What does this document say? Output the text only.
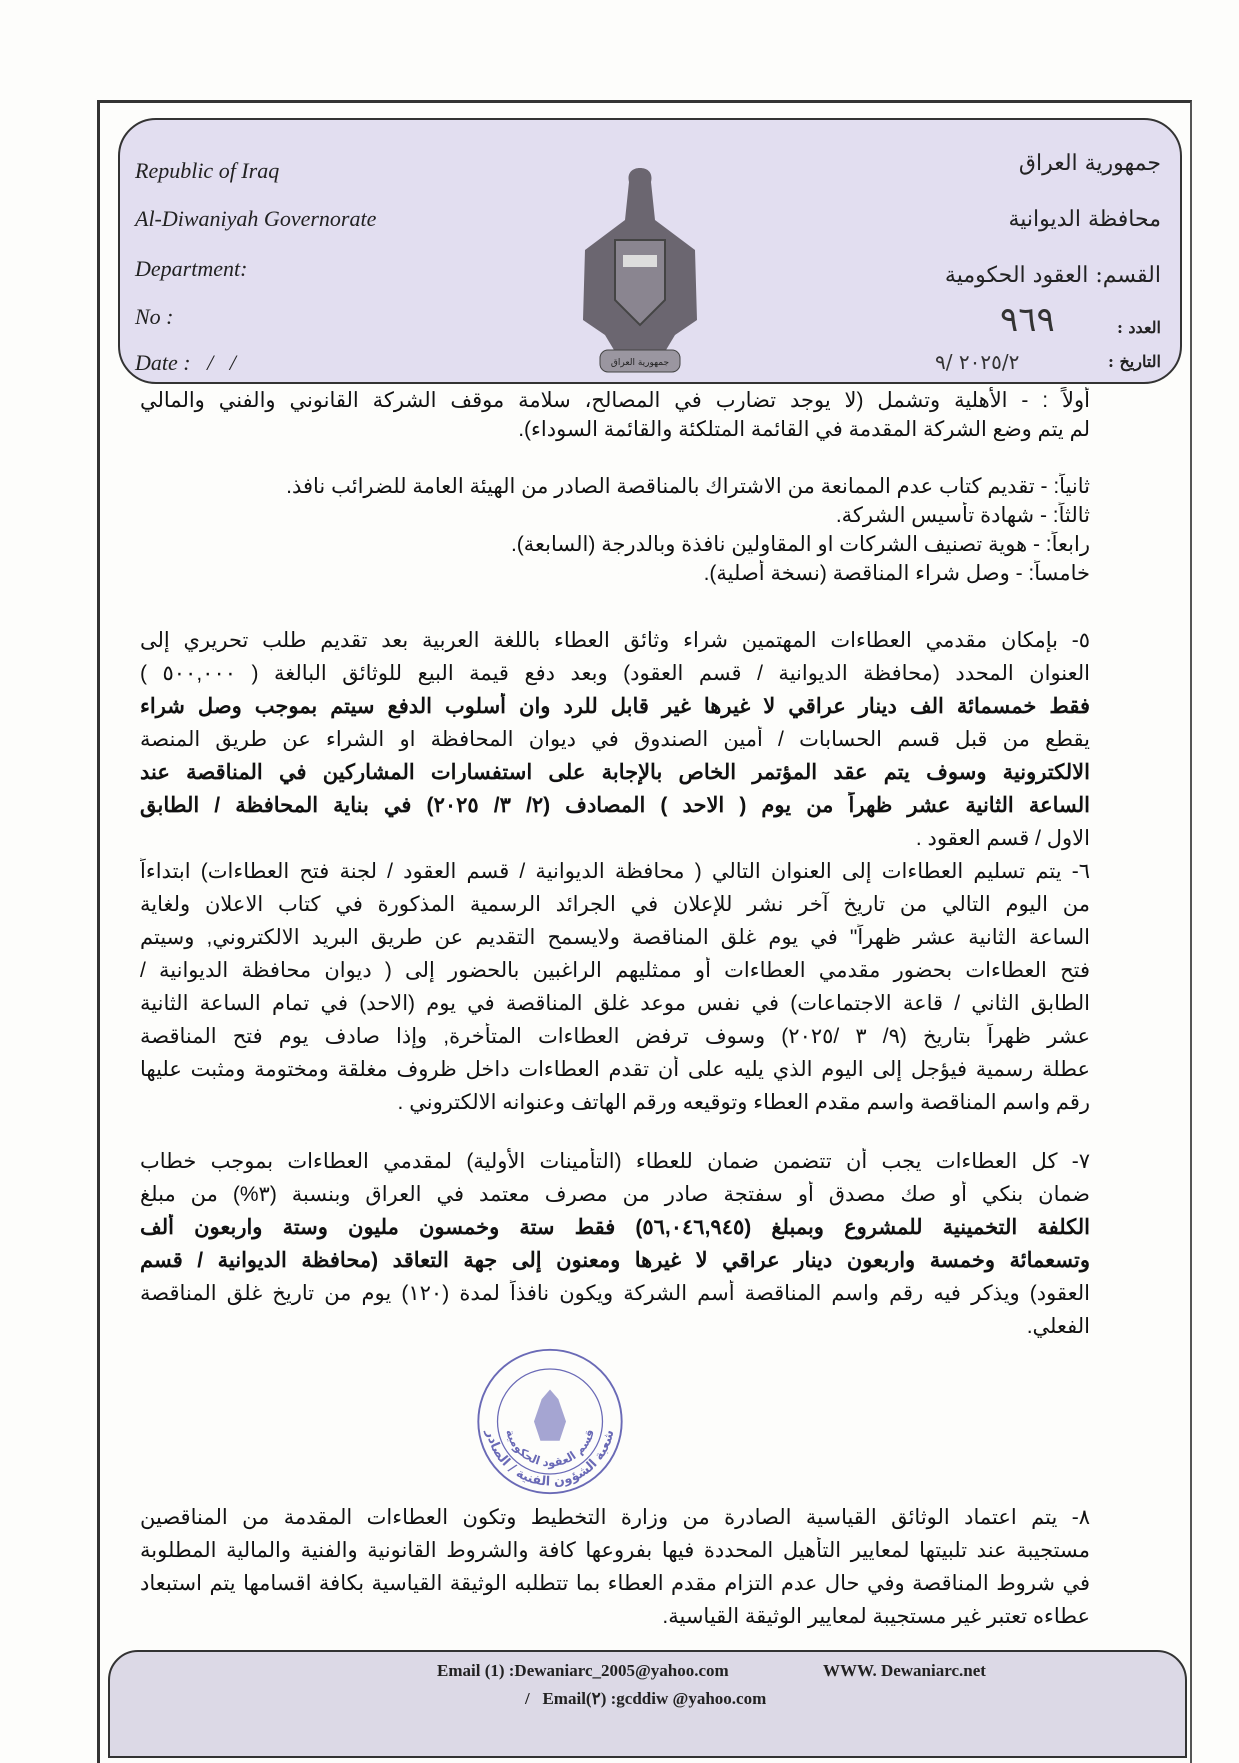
Republic of Iraq
Al-Diwaniyah Governorate
Department:
No :
Date :   /   /
جمهورية العراق
محافظة الديوانية
القسم: العقود الحكومية
العدد :
٩٦٩
التاريخ :
٢٠٢٥/٢ /٩
جمهورية العراق
أولاً : - الأهلية وتشمل (لا يوجد تضارب في المصالح، سلامة موقف الشركة القانوني والفني والمالي
لم يتم وضع الشركة المقدمة في القائمة المتلكئة والقائمة السوداء).
ثانياً: - تقديم كتاب عدم الممانعة من الاشتراك بالمناقصة الصادر من الهيئة العامة للضرائب نافذ.
ثالثاً: - شهادة تأسيس الشركة.
رابعاً: - هوية تصنيف الشركات او المقاولين نافذة وبالدرجة (السابعة).
خامساً: - وصل شراء المناقصة (نسخة أصلية).
٥- بإمكان مقدمي العطاءات المهتمين شراء وثائق العطاء باللغة العربية بعد تقديم طلب تحريري إلى
العنوان المحدد (محافظة الديوانية / قسم العقود) وبعد دفع قيمة البيع للوثائق البالغة ( ٥٠٠,٠٠٠ )
فقط خمسمائة الف دينار عراقي لا غيرها غير قابل للرد وان أسلوب الدفع سيتم بموجب وصل شراء
يقطع من قبل قسم الحسابات / أمين الصندوق في ديوان المحافظة او الشراء عن طريق المنصة
الالكترونية وسوف يتم عقد المؤتمر الخاص بالإجابة على استفسارات المشاركين في المناقصة عند
الساعة الثانية عشر ظهراً من يوم ( الاحد ) المصادف (٢/ ٣/ ٢٠٢٥) في بناية المحافظة / الطابق
الاول / قسم العقود .
٦- يتم تسليم العطاءات إلى العنوان التالي ( محافظة الديوانية / قسم العقود / لجنة فتح العطاءات) ابتداءاً
من اليوم التالي من تاريخ آخر نشر للإعلان في الجرائد الرسمية المذكورة في كتاب الاعلان ولغاية
الساعة الثانية عشر ظهراً" في يوم غلق المناقصة ولايسمح التقديم عن طريق البريد الالكتروني, وسيتم
فتح العطاءات بحضور مقدمي العطاءات أو ممثليهم الراغبين بالحضور إلى ( ديوان محافظة الديوانية /
الطابق الثاني / قاعة الاجتماعات) في نفس موعد غلق المناقصة في يوم (الاحد) في تمام الساعة الثانية
عشر ظهراً بتاريخ (٩/ ٣ /٢٠٢٥) وسوف ترفض العطاءات المتأخرة, وإذا صادف يوم فتح المناقصة
عطلة رسمية فيؤجل إلى اليوم الذي يليه على أن تقدم العطاءات داخل ظروف مغلقة ومختومة ومثبت عليها
رقم واسم المناقصة واسم مقدم العطاء وتوقيعه ورقم الهاتف وعنوانه الالكتروني .
٧- كل العطاءات يجب أن تتضمن ضمان للعطاء (التأمينات الأولية) لمقدمي العطاءات بموجب خطاب
ضمان بنكي أو صك مصدق أو سفتجة صادر من مصرف معتمد في العراق وبنسبة (٣%) من مبلغ
الكلفة التخمينية للمشروع وبمبلغ (٥٦,٠٤٦,٩٤٥) فقط ستة وخمسون مليون وستة واربعون ألف
وتسعمائة وخمسة واربعون دينار عراقي لا غيرها ومعنون إلى جهة التعاقد (محافظة الديوانية / قسم
العقود) ويذكر فيه رقم واسم المناقصة أسم الشركة ويكون نافذاً لمدة (١٢٠) يوم من تاريخ غلق المناقصة
الفعلي.
٨- يتم اعتماد الوثائق القياسية الصادرة من وزارة التخطيط وتكون العطاءات المقدمة من المناقصين
مستجيبة عند تلبيتها لمعايير التأهيل المحددة فيها بفروعها كافة والشروط القانونية والفنية والمالية المطلوبة
في شروط المناقصة وفي حال عدم التزام مقدم العطاء بما تتطلبه الوثيقة القياسية بكافة اقسامها يتم استبعاد
عطاءه تعتبر غير مستجيبة لمعايير الوثيقة القياسية.
شعبة الشؤون الفنية / الصادر
قسم العقود الحكومية
Email (1) :Dewaniarc_2005@yahoo.com	WWW. Dewaniarc.net
/   Email(٢) :gcddiw @yahoo.com
